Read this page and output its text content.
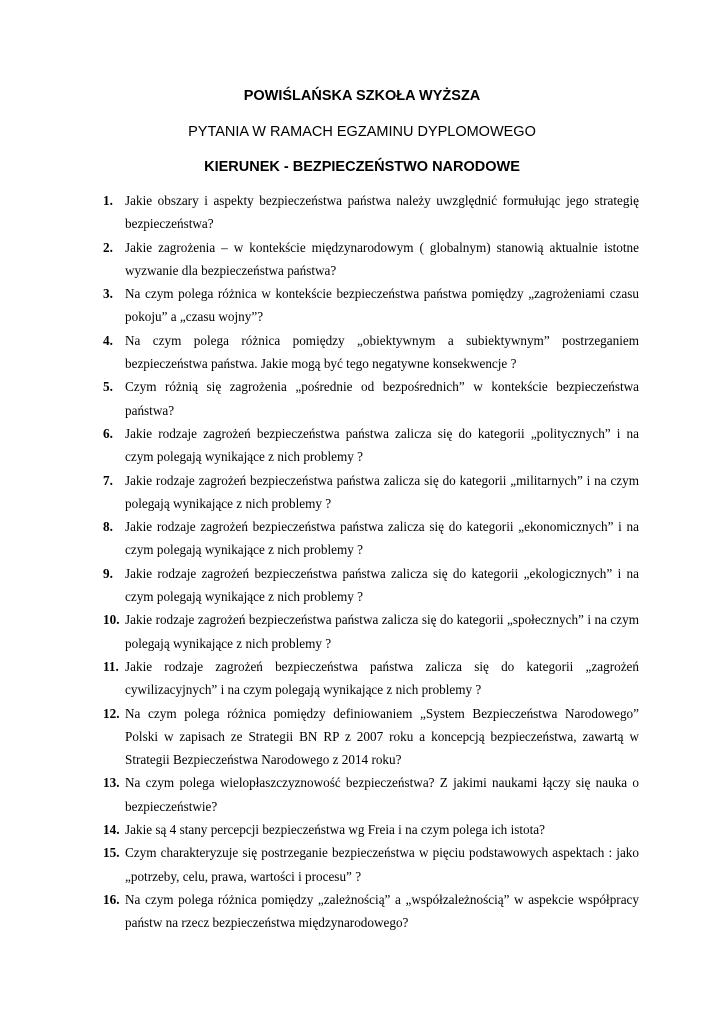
POWIŚLAŃSKA SZKOŁA WYŻSZA
PYTANIA W RAMACH EGZAMINU DYPLOMOWEGO
KIERUNEK - BEZPIECZEŃSTWO NARODOWE
1. Jakie obszary i aspekty bezpieczeństwa państwa należy uwzględnić formułując jego strategię bezpieczeństwa?
2. Jakie zagrożenia – w kontekście międzynarodowym ( globalnym) stanowią aktualnie istotne wyzwanie dla bezpieczeństwa państwa?
3. Na czym polega różnica w kontekście bezpieczeństwa państwa pomiędzy „zagrożeniami czasu pokoju” a „czasu wojny”?
4. Na czym polega różnica pomiędzy „obiektywnym a subiektywnym” postrzeganiem bezpieczeństwa państwa. Jakie mogą być tego negatywne konsekwencje ?
5. Czym różnią się zagrożenia „pośrednie od bezpośrednich” w kontekście bezpieczeństwa państwa?
6. Jakie rodzaje zagrożeń bezpieczeństwa państwa zalicza się do kategorii „politycznych” i na czym polegają wynikające z nich problemy ?
7. Jakie rodzaje zagrożeń bezpieczeństwa państwa zalicza się do kategorii „militarnych” i na czym polegają wynikające z nich problemy ?
8. Jakie rodzaje zagrożeń bezpieczeństwa państwa zalicza się do kategorii „ekonomicznych” i na czym polegają wynikające z nich problemy ?
9. Jakie rodzaje zagrożeń bezpieczeństwa państwa zalicza się do kategorii „ekologicznych” i na czym polegają wynikające z nich problemy ?
10. Jakie rodzaje zagrożeń bezpieczeństwa państwa zalicza się do kategorii „społecznych” i na czym polegają wynikające z nich problemy ?
11. Jakie rodzaje zagrożeń bezpieczeństwa państwa zalicza się do kategorii „zagrożeń cywilizacyjnych” i na czym polegają wynikające z nich problemy ?
12. Na czym polega różnica pomiędzy definiowaniem „System Bezpieczeństwa Narodowego” Polski w zapisach ze Strategii BN RP z 2007 roku a koncepcją bezpieczeństwa, zawartą w Strategii Bezpieczeństwa Narodowego z 2014 roku?
13. Na czym polega wielopłaszczyznowość bezpieczeństwa? Z jakimi naukami łączy się nauka o bezpieczeństwie?
14. Jakie są 4 stany percepcji bezpieczeństwa wg Freia i na czym polega ich istota?
15. Czym charakteryzuje się postrzeganie bezpieczeństwa w pięciu podstawowych aspektach : jako „potrzeby, celu, prawa, wartości i procesu” ?
16. Na czym polega różnica pomiędzy „zależnością” a „współzależnością” w aspekcie współpracy państw na rzecz bezpieczeństwa międzynarodowego?
